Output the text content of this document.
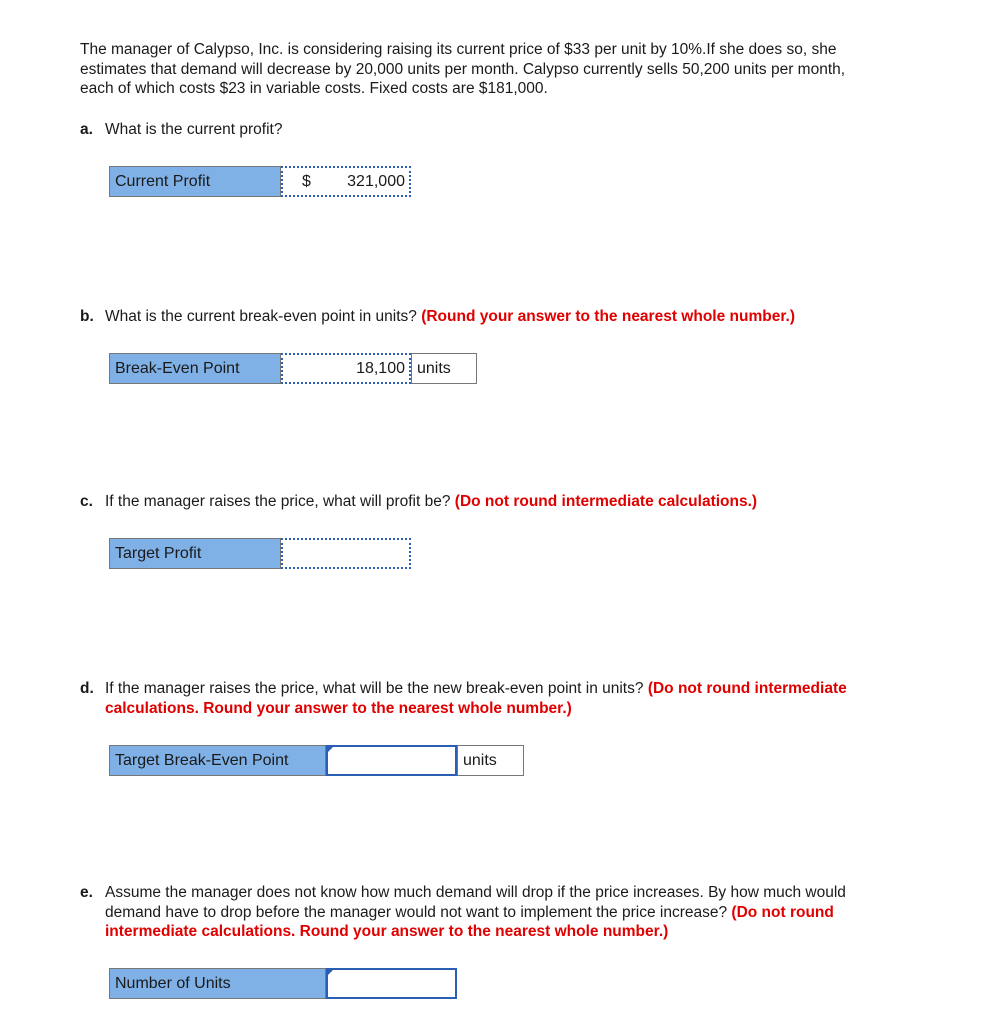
The manager of Calypso, Inc. is considering raising its current price of $33 per unit by 10%.If she does so, she estimates that demand will decrease by 20,000 units per month. Calypso currently sells 50,200 units per month, each of which costs $23 in variable costs. Fixed costs are $181,000.

a. What is the current profit?
Current Profit	$ 321,000
b. What is the current break-even point in units? (Round your answer to the nearest whole number.)
Break-Even Point	18,100 units
c. If the manager raises the price, what will profit be? (Do not round intermediate calculations.)
Target Profit
d. If the manager raises the price, what will be the new break-even point in units? (Do not round intermediate calculations. Round your answer to the nearest whole number.)
Target Break-Even Point	units
e. Assume the manager does not know how much demand will drop if the price increases. By how much would demand have to drop before the manager would not want to implement the price increase? (Do not round intermediate calculations. Round your answer to the nearest whole number.)
Number of Units
